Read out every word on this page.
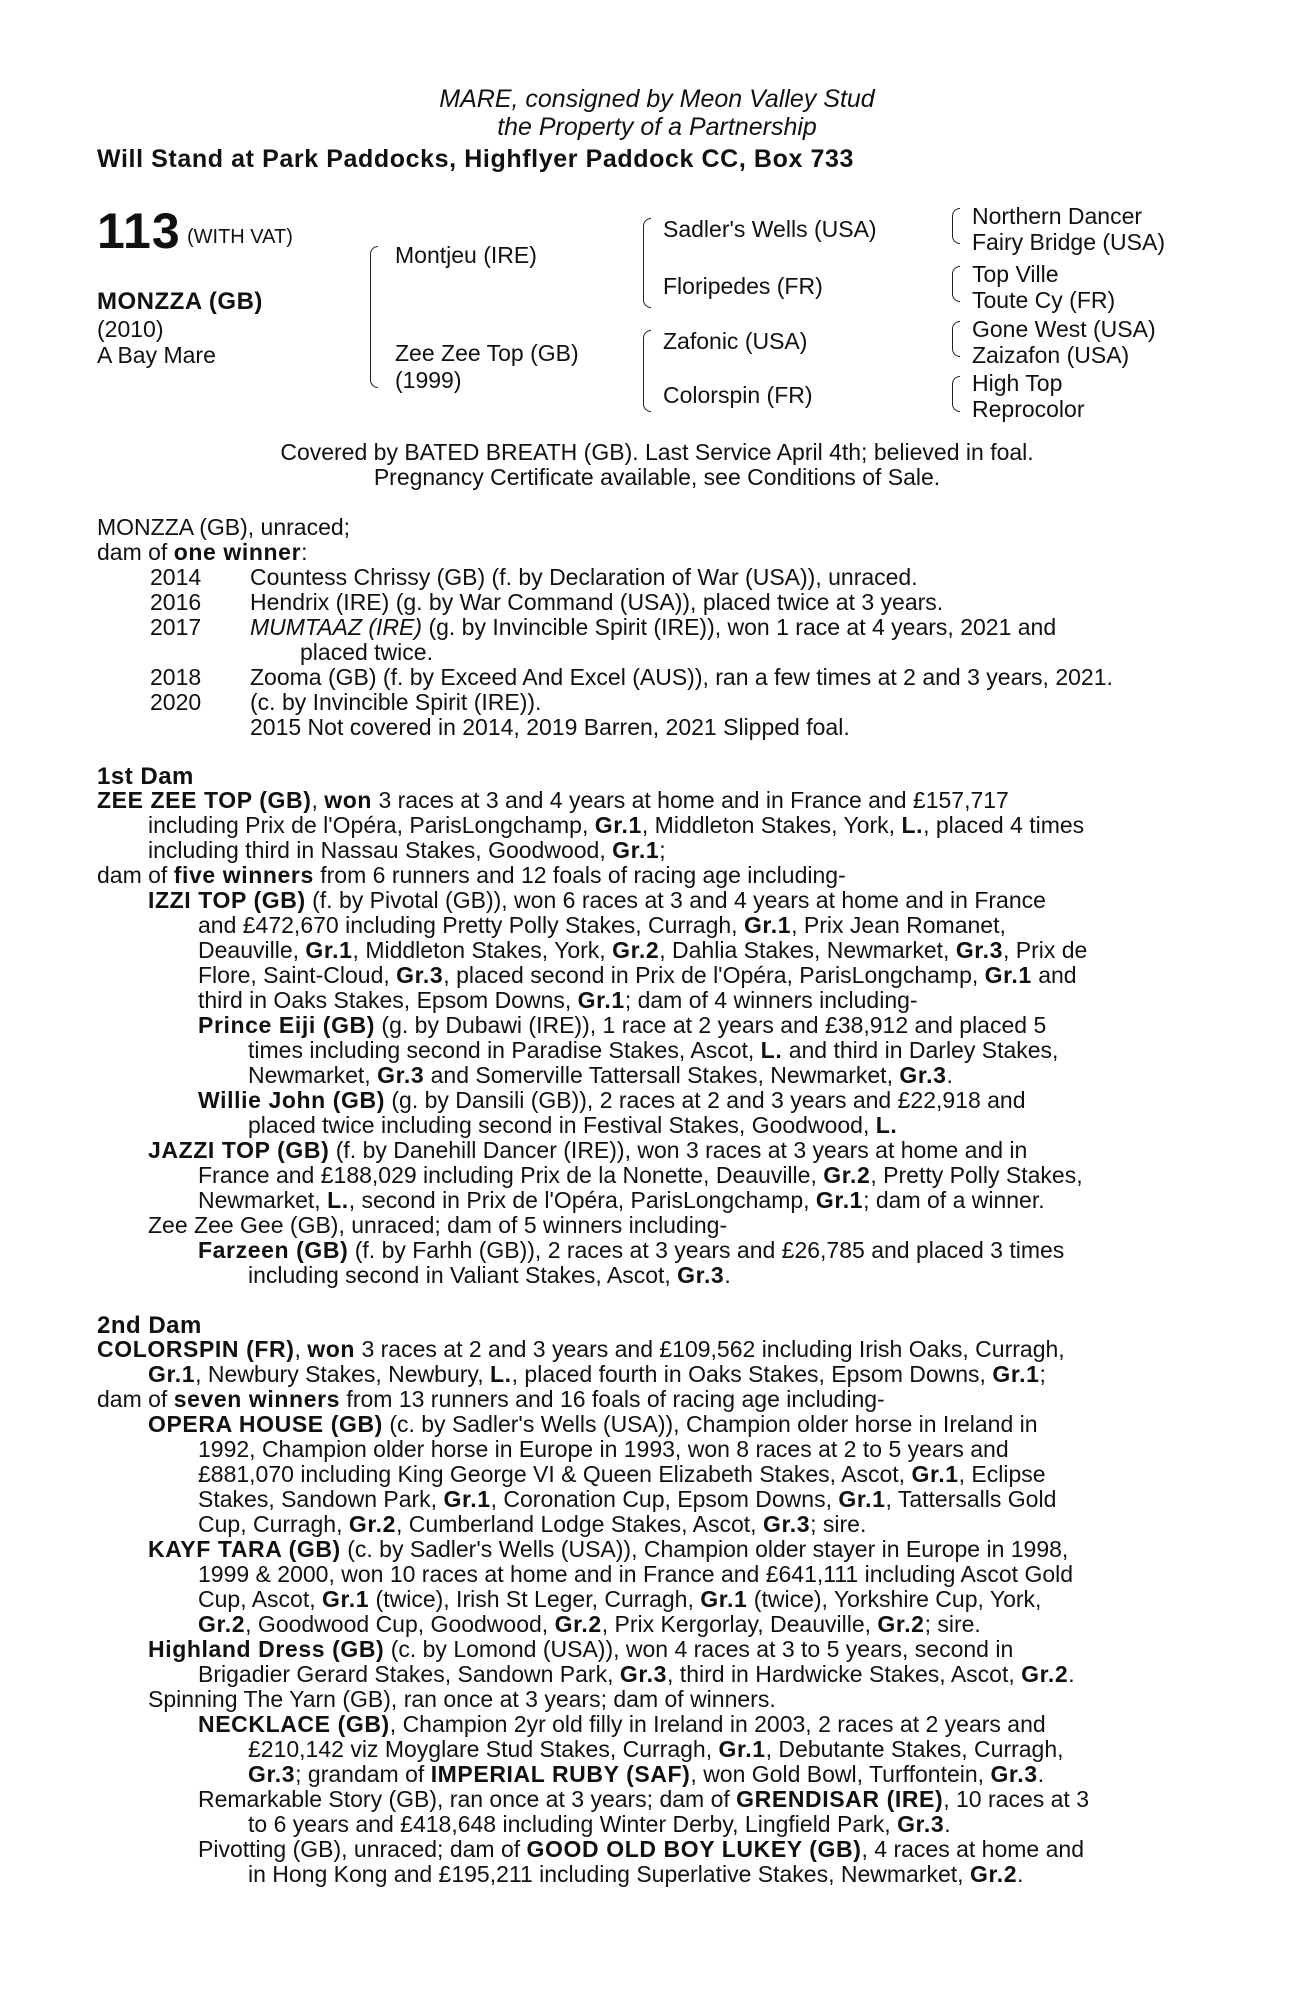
MARE, consigned by Meon Valley Stud
the Property of a Partnership
Will Stand at Park Paddocks, Highflyer Paddock CC, Box 733
113 (WITH VAT)
MONZZA (GB)
(2010)
A Bay Mare
Montjeu (IRE)
Zee Zee Top (GB)
(1999)
Sadler's Wells (USA)
Floripedes (FR)
Zafonic (USA)
Colorspin (FR)
Northern Dancer
Fairy Bridge (USA)
Top Ville
Toute Cy (FR)
Gone West (USA)
Zaizafon (USA)
High Top
Reprocolor
Covered by BATED BREATH (GB). Last Service April 4th; believed in foal.
Pregnancy Certificate available, see Conditions of Sale.
MONZZA (GB), unraced;
dam of one winner:
2014 Countess Chrissy (GB) (f. by Declaration of War (USA)), unraced.
2016 Hendrix (IRE) (g. by War Command (USA)), placed twice at 3 years.
2017 MUMTAAZ (IRE) (g. by Invincible Spirit (IRE)), won 1 race at 4 years, 2021 and
placed twice.
2018 Zooma (GB) (f. by Exceed And Excel (AUS)), ran a few times at 2 and 3 years, 2021.
2020 (c. by Invincible Spirit (IRE)).
2015 Not covered in 2014, 2019 Barren, 2021 Slipped foal.
1st Dam
ZEE ZEE TOP (GB), won 3 races at 3 and 4 years at home and in France and £157,717
including Prix de l'Opéra, ParisLongchamp, Gr.1, Middleton Stakes, York, L., placed 4 times
including third in Nassau Stakes, Goodwood, Gr.1;
dam of five winners from 6 runners and 12 foals of racing age including-
IZZI TOP (GB) (f. by Pivotal (GB)), won 6 races at 3 and 4 years at home and in France
and £472,670 including Pretty Polly Stakes, Curragh, Gr.1, Prix Jean Romanet,
Deauville, Gr.1, Middleton Stakes, York, Gr.2, Dahlia Stakes, Newmarket, Gr.3, Prix de
Flore, Saint-Cloud, Gr.3, placed second in Prix de l'Opéra, ParisLongchamp, Gr.1 and
third in Oaks Stakes, Epsom Downs, Gr.1; dam of 4 winners including-
Prince Eiji (GB) (g. by Dubawi (IRE)), 1 race at 2 years and £38,912 and placed 5
times including second in Paradise Stakes, Ascot, L. and third in Darley Stakes,
Newmarket, Gr.3 and Somerville Tattersall Stakes, Newmarket, Gr.3.
Willie John (GB) (g. by Dansili (GB)), 2 races at 2 and 3 years and £22,918 and
placed twice including second in Festival Stakes, Goodwood, L.
JAZZI TOP (GB) (f. by Danehill Dancer (IRE)), won 3 races at 3 years at home and in
France and £188,029 including Prix de la Nonette, Deauville, Gr.2, Pretty Polly Stakes,
Newmarket, L., second in Prix de l'Opéra, ParisLongchamp, Gr.1; dam of a winner.
Zee Zee Gee (GB), unraced; dam of 5 winners including-
Farzeen (GB) (f. by Farhh (GB)), 2 races at 3 years and £26,785 and placed 3 times
including second in Valiant Stakes, Ascot, Gr.3.
2nd Dam
COLORSPIN (FR), won 3 races at 2 and 3 years and £109,562 including Irish Oaks, Curragh,
Gr.1, Newbury Stakes, Newbury, L., placed fourth in Oaks Stakes, Epsom Downs, Gr.1;
dam of seven winners from 13 runners and 16 foals of racing age including-
OPERA HOUSE (GB) (c. by Sadler's Wells (USA)), Champion older horse in Ireland in
1992, Champion older horse in Europe in 1993, won 8 races at 2 to 5 years and
£881,070 including King George VI & Queen Elizabeth Stakes, Ascot, Gr.1, Eclipse
Stakes, Sandown Park, Gr.1, Coronation Cup, Epsom Downs, Gr.1, Tattersalls Gold
Cup, Curragh, Gr.2, Cumberland Lodge Stakes, Ascot, Gr.3; sire.
KAYF TARA (GB) (c. by Sadler's Wells (USA)), Champion older stayer in Europe in 1998,
1999 & 2000, won 10 races at home and in France and £641,111 including Ascot Gold
Cup, Ascot, Gr.1 (twice), Irish St Leger, Curragh, Gr.1 (twice), Yorkshire Cup, York,
Gr.2, Goodwood Cup, Goodwood, Gr.2, Prix Kergorlay, Deauville, Gr.2; sire.
Highland Dress (GB) (c. by Lomond (USA)), won 4 races at 3 to 5 years, second in
Brigadier Gerard Stakes, Sandown Park, Gr.3, third in Hardwicke Stakes, Ascot, Gr.2.
Spinning The Yarn (GB), ran once at 3 years; dam of winners.
NECKLACE (GB), Champion 2yr old filly in Ireland in 2003, 2 races at 2 years and
£210,142 viz Moyglare Stud Stakes, Curragh, Gr.1, Debutante Stakes, Curragh,
Gr.3; grandam of IMPERIAL RUBY (SAF), won Gold Bowl, Turffontein, Gr.3.
Remarkable Story (GB), ran once at 3 years; dam of GRENDISAR (IRE), 10 races at 3
to 6 years and £418,648 including Winter Derby, Lingfield Park, Gr.3.
Pivotting (GB), unraced; dam of GOOD OLD BOY LUKEY (GB), 4 races at home and
in Hong Kong and £195,211 including Superlative Stakes, Newmarket, Gr.2.
